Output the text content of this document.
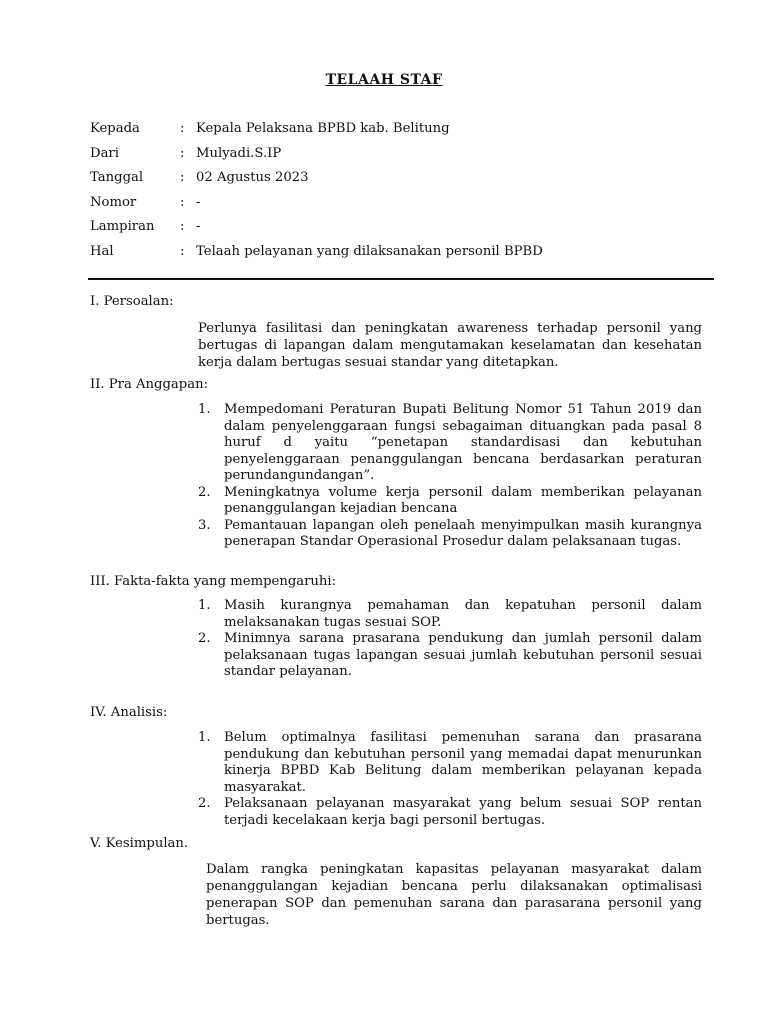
TELAAH STAF
Kepada	: Kepala Pelaksana BPBD kab. Belitung
Dari	: Mulyadi.S.IP
Tanggal	: 02 Agustus 2023
Nomor	: -
Lampiran	: -
Hal	: Telaah pelayanan yang dilaksanakan personil BPBD
I. Persoalan:
Perlunya fasilitasi dan peningkatan awareness terhadap personil yang bertugas di lapangan dalam mengutamakan keselamatan dan kesehatan kerja dalam bertugas sesuai standar yang ditetapkan.
II. Pra Anggapan:
1. Mempedomani Peraturan Bupati Belitung Nomor 51 Tahun 2019 dan dalam penyelenggaraan fungsi sebagaiman dituangkan pada pasal 8 huruf d yaitu “penetapan standardisasi dan kebutuhan penyelenggaraan penanggulangan bencana berdasarkan peraturan perundangundangan”.
2. Meningkatnya volume kerja personil dalam memberikan pelayanan penanggulangan kejadian bencana
3. Pemantauan lapangan oleh penelaah menyimpulkan masih kurangnya penerapan Standar Operasional Prosedur dalam pelaksanaan tugas.
III. Fakta-fakta yang mempengaruhi:
1. Masih kurangnya pemahaman dan kepatuhan personil dalam melaksanakan tugas sesuai SOP.
2. Minimnya sarana prasarana pendukung dan jumlah personil dalam pelaksanaan tugas lapangan sesuai jumlah kebutuhan personil sesuai standar pelayanan.
IV. Analisis:
1. Belum optimalnya fasilitasi pemenuhan sarana dan prasarana pendukung dan kebutuhan personil yang memadai dapat menurunkan kinerja BPBD Kab Belitung dalam memberikan pelayanan kepada masyarakat.
2. Pelaksanaan pelayanan masyarakat yang belum sesuai SOP rentan terjadi kecelakaan kerja bagi personil bertugas.
V. Kesimpulan.
Dalam rangka peningkatan kapasitas pelayanan masyarakat dalam penanggulangan kejadian bencana perlu dilaksanakan optimalisasi penerapan SOP dan pemenuhan sarana dan parasarana personil yang bertugas.
